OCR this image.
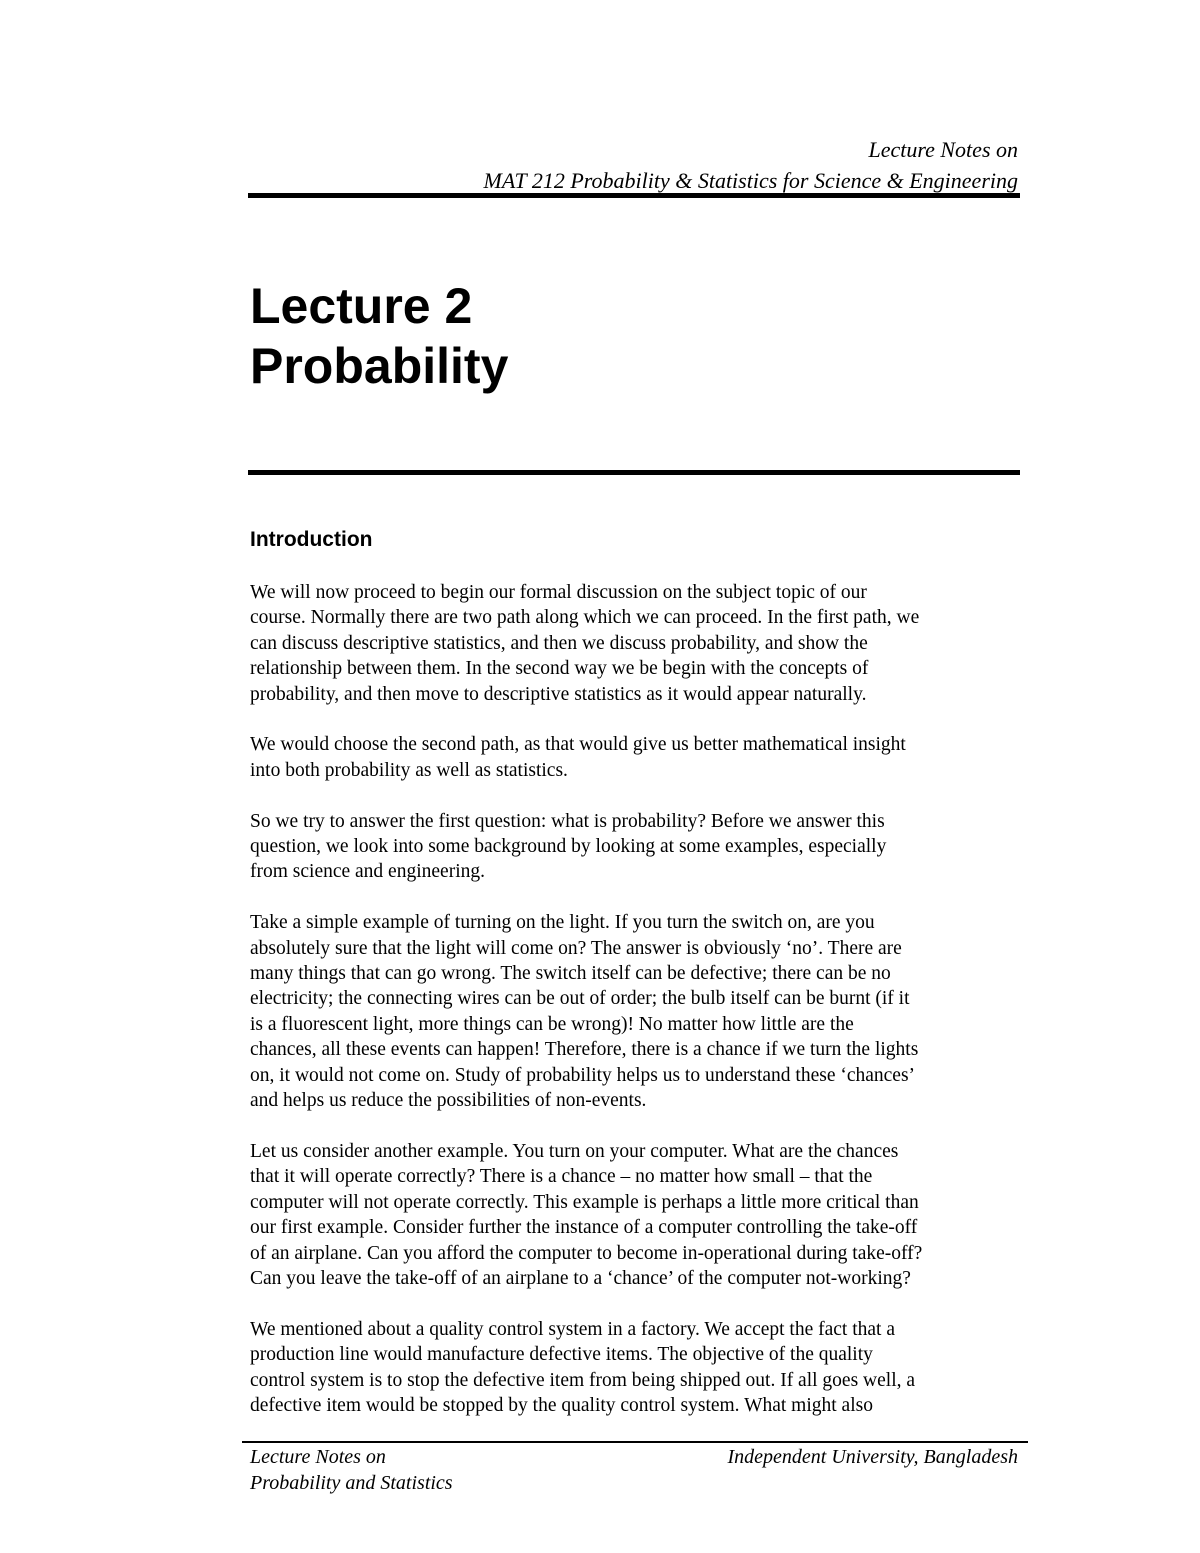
Lecture Notes on
MAT 212 Probability & Statistics for Science & Engineering
Lecture 2
Probability
Introduction

We will now proceed to begin our formal discussion on the subject topic of our
course. Normally there are two path along which we can proceed. In the first path, we
can discuss descriptive statistics, and then we discuss probability, and show the
relationship between them. In the second way we be begin with the concepts of
probability, and then move to descriptive statistics as it would appear naturally.

We would choose the second path, as that would give us better mathematical insight
into both probability as well as statistics.

So we try to answer the first question: what is probability? Before we answer this
question, we look into some background by looking at some examples, especially
from science and engineering.

Take a simple example of turning on the light. If you turn the switch on, are you
absolutely sure that the light will come on? The answer is obviously ‘no’. There are
many things that can go wrong. The switch itself can be defective; there can be no
electricity; the connecting wires can be out of order; the bulb itself can be burnt (if it
is a fluorescent light, more things can be wrong)! No matter how little are the
chances, all these events can happen! Therefore, there is a chance if we turn the lights
on, it would not come on. Study of probability helps us to understand these ‘chances’
and helps us reduce the possibilities of non-events.

Let us consider another example. You turn on your computer. What are the chances
that it will operate correctly? There is a chance – no matter how small – that the
computer will not operate correctly. This example is perhaps a little more critical than
our first example. Consider further the instance of a computer controlling the take-off
of an airplane. Can you afford the computer to become in-operational during take-off?
Can you leave the take-off of an airplane to a ‘chance’ of the computer not-working?

We mentioned about a quality control system in a factory. We accept the fact that a
production line would manufacture defective items. The objective of the quality
control system is to stop the defective item from being shipped out. If all goes well, a
defective item would be stopped by the quality control system. What might also

Lecture Notes on
Probability and Statistics
Independent University, Bangladesh
